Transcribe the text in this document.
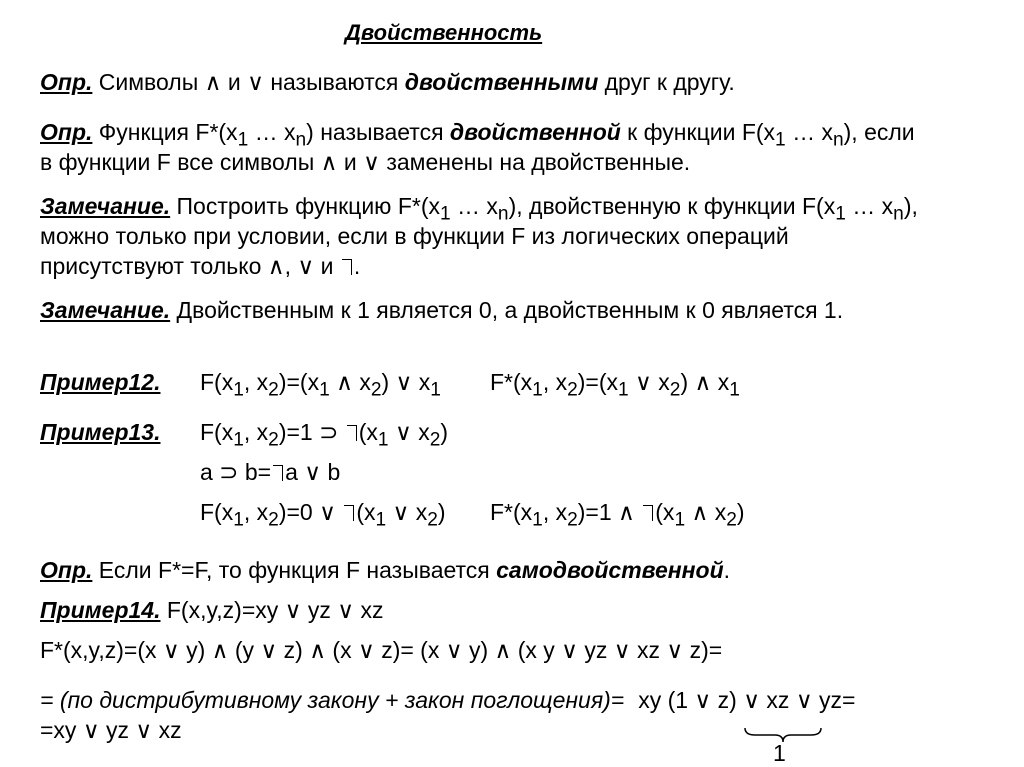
Двойственность
Опр. Символы ∧ и ∨ называются двойственными друг к другу.
Опр. Функция $F*(x_1$ … $x_n$) называется двойственной к функции $F(x_1$ … $x_n$), если
в функции F все символы ∧ и ∨ заменены на двойственные.
Замечание. Построить функцию $F*(x_1$ … $x_n$), двойственную к функции $F(x_1$ … $x_n$),
можно только при условии, если в функции F из логических операций
присутствуют только ∧, ∨ и .
Замечание. Двойственным к 1 является 0, а двойственным к 0 является 1.
Пример12. $F(x_1$, $x_2)=(x_1$ ∧ $x_2$) ∨ $x_1$ $F*(x_1$, $x_2)=(x_1$ ∨ $x_2$) ∧ $x_1$
Пример13. $F(x_1$, $x_2)=1$ ⊃ ($x_1$ ∨ $x_2$)
a ⊃ b= a ∨ b
$F(x_1$, $x_2)=0$ ∨ ($x_1$ ∨ $x_2$) $F*(x_1$, $x_2)=1$ ∧ ($x_1$ ∧ $x_2$)
Опр. Если F*=F, то функция F называется самодвойственной.
Пример14. F(x,y,z)=xy ∨ yz ∨ xz
F*(x,y,z)=(x ∨ y) ∧ (y ∨ z) ∧ (x ∨ z)= (x ∨ y) ∧ (x y ∨ yz ∨ xz ∨ z)=
= (по дистрибутивному закону + закон поглощения)= xy (1 ∨ z) ∨ xz ∨ yz=
=xy ∨ yz ∨ xz
1
